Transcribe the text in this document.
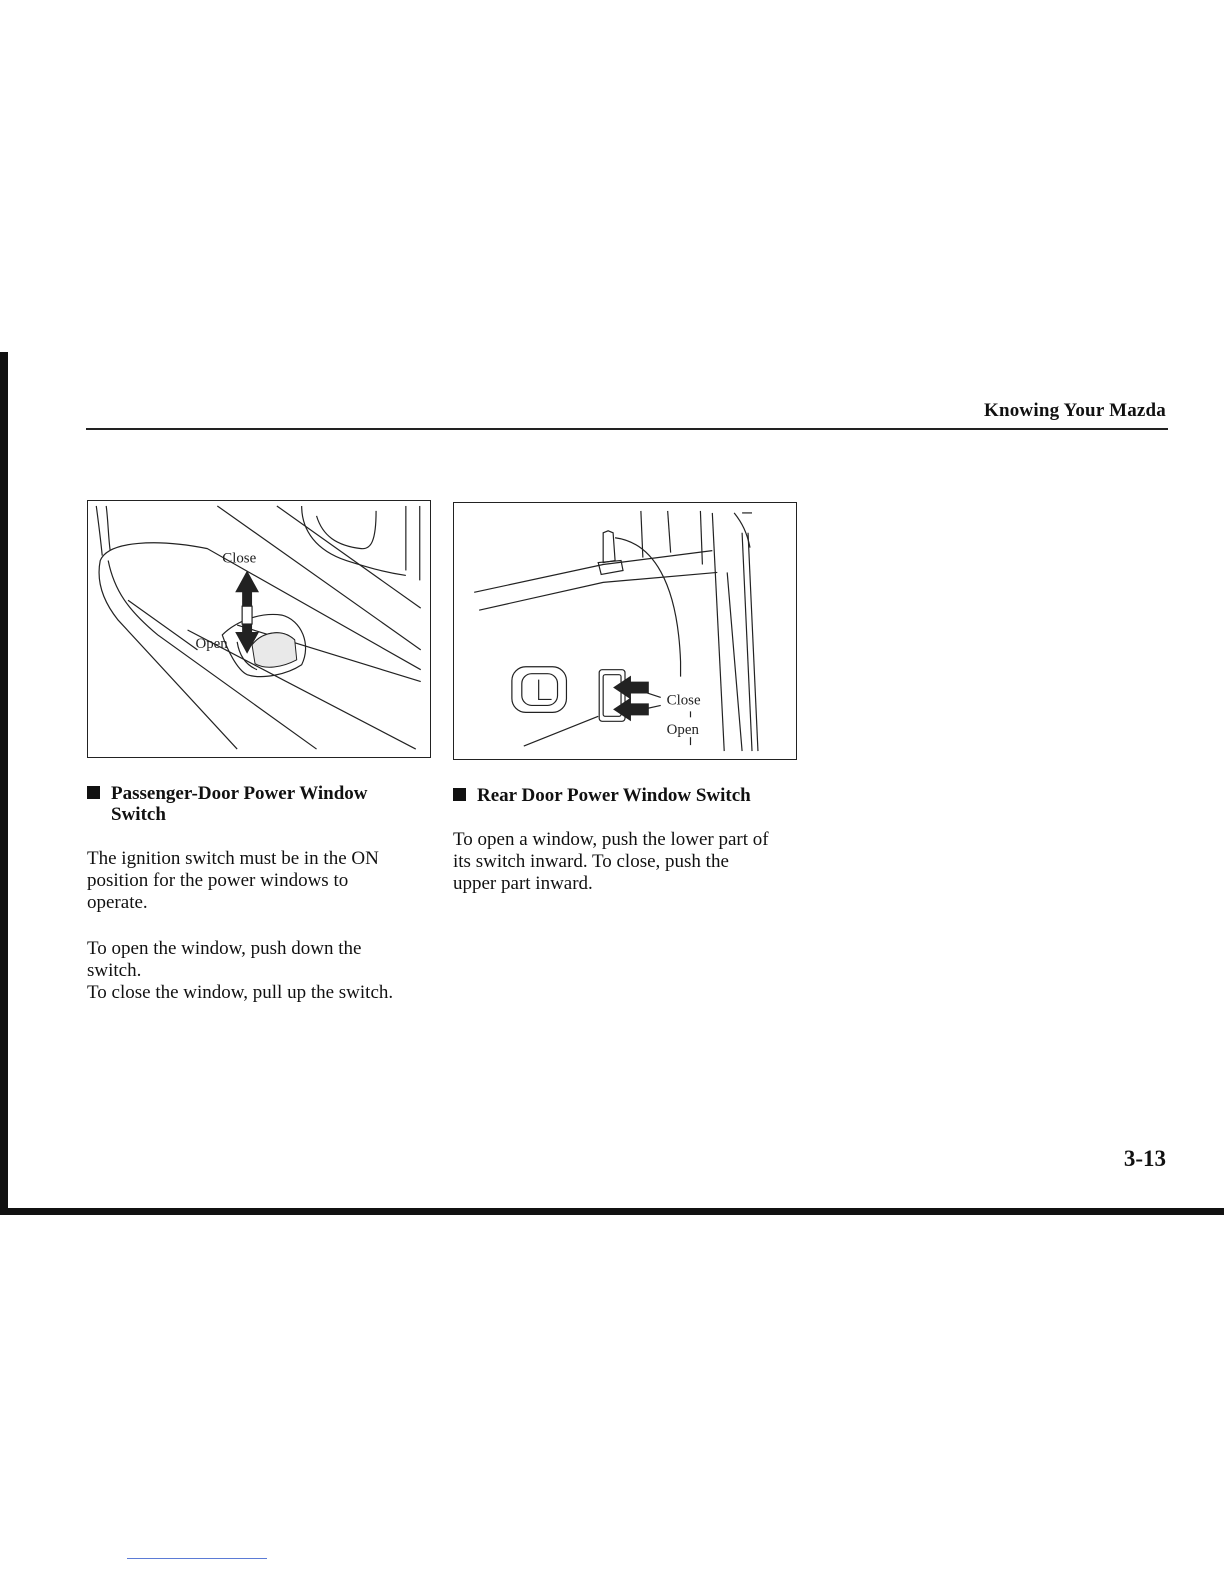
Knowing Your Mazda
Close
Open
Close
Open
Passenger-Door Power Window
Switch
The ignition switch must be in the ON
position for the power windows to
operate.
To open the window, push down the
switch.
To close the window, pull up the switch.
Rear Door Power Window Switch
To open a window, push the lower part of
its switch inward. To close, push the
upper part inward.
3-13
